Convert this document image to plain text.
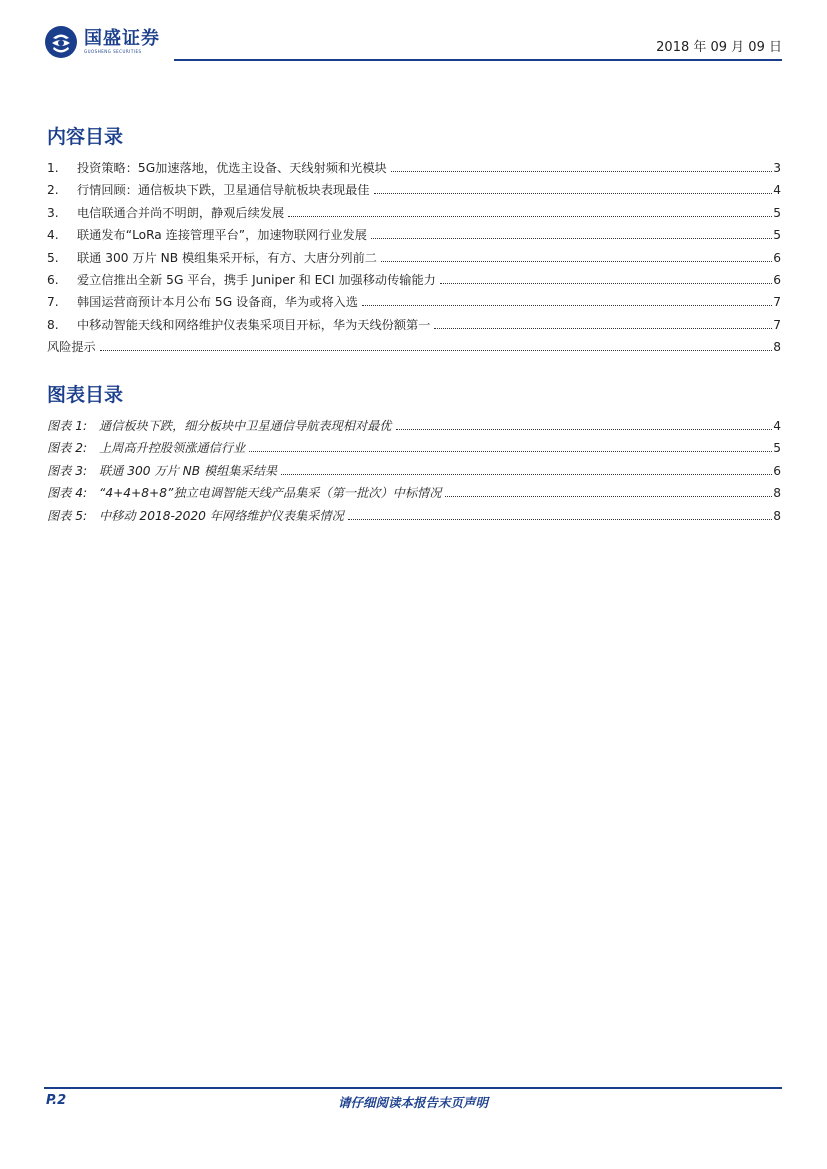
国盛证券
GUOSHENG SECURITIES	2018 年 09 月 09 日
内容目录
1. 投资策略：5G加速落地，优选主设备、天线射频和光模块	3
2. 行情回顾：通信板块下跌，卫星通信导航板块表现最佳	4
3. 电信联通合并尚不明朗，静观后续发展	5
4. 联通发布“LoRa 连接管理平台”，加速物联网行业发展	5
5. 联通 300 万片 NB 模组集采开标，有方、大唐分列前二	6
6. 爱立信推出全新 5G 平台，携手 Juniper 和 ECI 加强移动传输能力	6
7. 韩国运营商预计本月公布 5G 设备商，华为或将入选	7
8. 中移动智能天线和网络维护仪表集采项目开标，华为天线份额第一	7
风险提示	8
图表目录
图表 1: 通信板块下跌，细分板块中卫星通信导航表现相对最优	4
图表 2: 上周高升控股领涨通信行业	5
图表 3: 联通 300 万片 NB 模组集采结果	6
图表 4: “4+4+8+8”独立电调智能天线产品集采（第一批次）中标情况	8
图表 5: 中移动 2018-2020 年网络维护仪表集采情况	8
P.2	请仔细阅读本报告末页声明
